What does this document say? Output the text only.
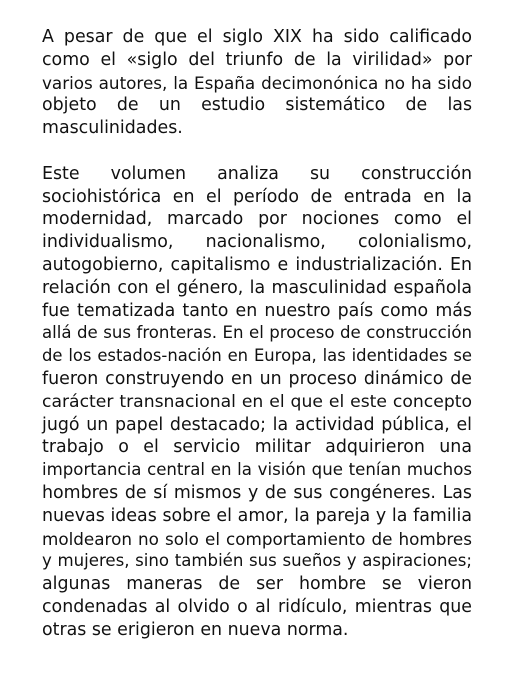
A pesar de que el siglo XIX ha sido calificado
como el «siglo del triunfo de la virilidad» por
varios autores, la España decimonónica no ha sido
objeto de un estudio sistemático de las
masculinidades.
Este volumen analiza su construcción
sociohistórica en el período de entrada en la
modernidad, marcado por nociones como el
individualismo, nacionalismo, colonialismo,
autogobierno, capitalismo e industrialización. En
relación con el género, la masculinidad española
fue tematizada tanto en nuestro país como más
allá de sus fronteras. En el proceso de construcción
de los estados-nación en Europa, las identidades se
fueron construyendo en un proceso dinámico de
carácter transnacional en el que el este concepto
jugó un papel destacado; la actividad pública, el
trabajo o el servicio militar adquirieron una
importancia central en la visión que tenían muchos
hombres de sí mismos y de sus congéneres. Las
nuevas ideas sobre el amor, la pareja y la familia
moldearon no solo el comportamiento de hombres
y mujeres, sino también sus sueños y aspiraciones;
algunas maneras de ser hombre se vieron
condenadas al olvido o al ridículo, mientras que
otras se erigieron en nueva norma.
